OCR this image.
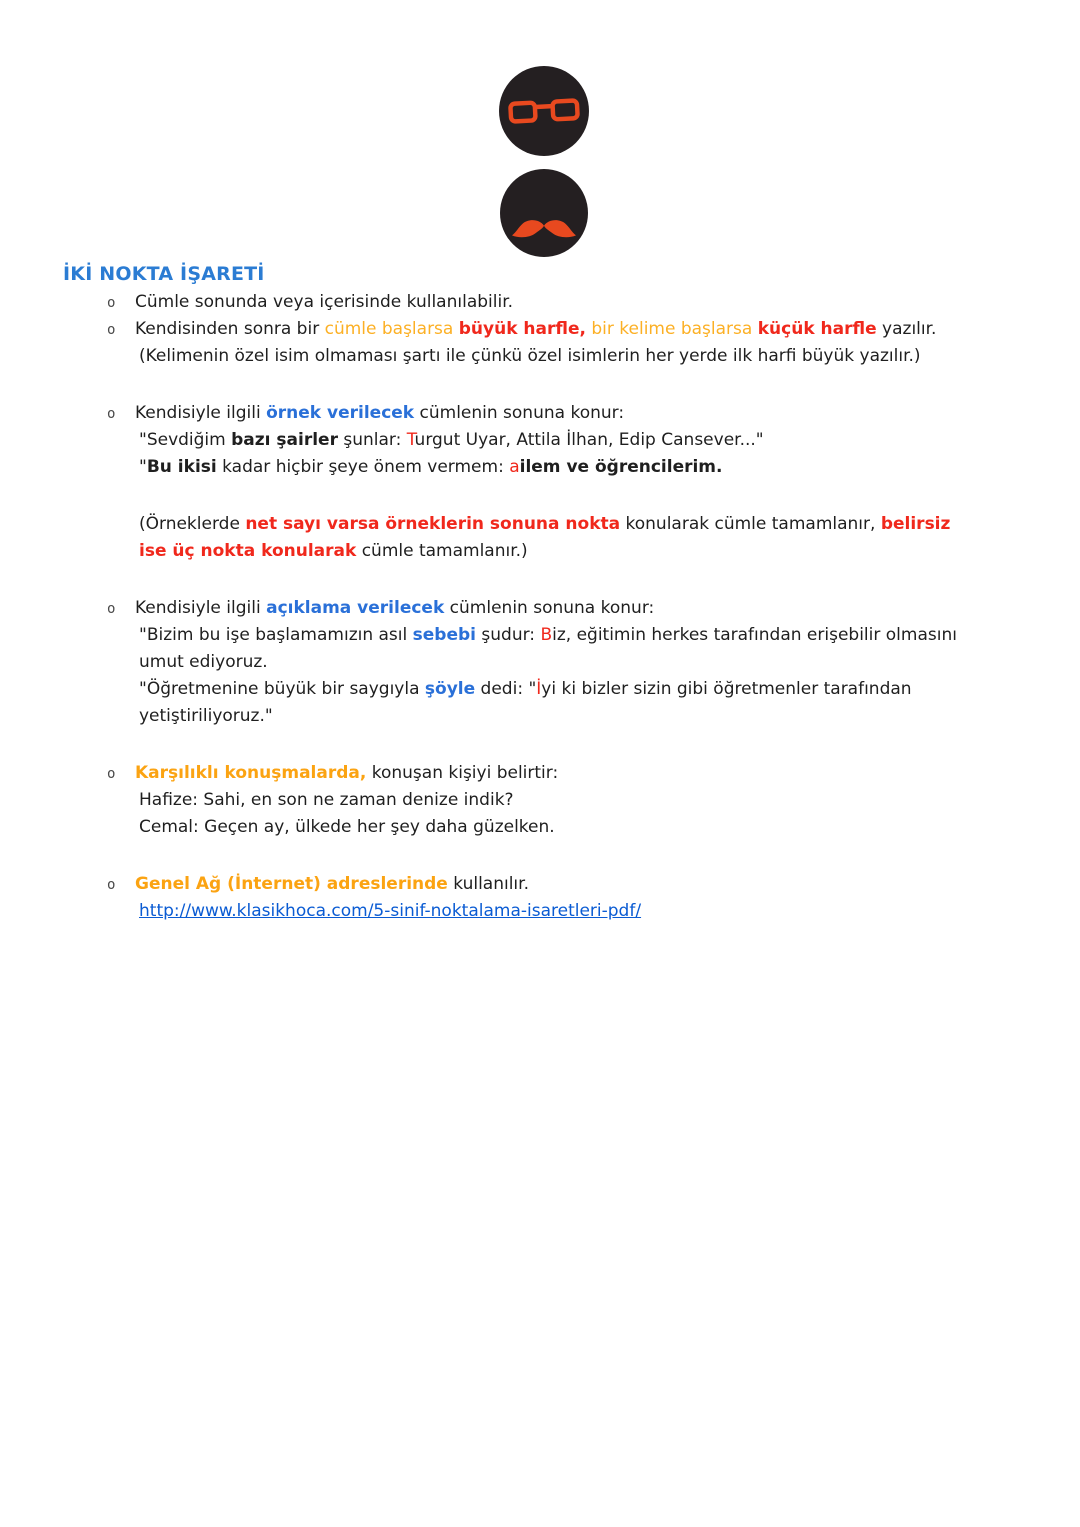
İKİ NOKTA İŞARETİ
o Cümle sonunda veya içerisinde kullanılabilir.
o Kendisinden sonra bir cümle başlarsa büyük harfle, bir kelime başlarsa küçük harfle yazılır.
(Kelimenin özel isim olmaması şartı ile çünkü özel isimlerin her yerde ilk harfi büyük yazılır.)
o Kendisiyle ilgili örnek verilecek cümlenin sonuna konur:
"Sevdiğim bazı şairler şunlar: Turgut Uyar, Attila İlhan, Edip Cansever..."
"Bu ikisi kadar hiçbir şeye önem vermem: ailem ve öğrencilerim.
(Örneklerde net sayı varsa örneklerin sonuna nokta konularak cümle tamamlanır, belirsiz ise üç nokta konularak cümle tamamlanır.)
o Kendisiyle ilgili açıklama verilecek cümlenin sonuna konur:
"Bizim bu işe başlamamızın asıl sebebi şudur: Biz, eğitimin herkes tarafından erişebilir olmasını umut ediyoruz.
"Öğretmenine büyük bir saygıyla şöyle dedi: "İyi ki bizler sizin gibi öğretmenler tarafından yetiştiriliyoruz."
o Karşılıklı konuşmalarda, konuşan kişiyi belirtir:
Hafize: Sahi, en son ne zaman denize indik?
Cemal: Geçen ay, ülkede her şey daha güzelken.
o Genel Ağ (İnternet) adreslerinde kullanılır.
http://www.klasikhoca.com/5-sinif-noktalama-isaretleri-pdf/
